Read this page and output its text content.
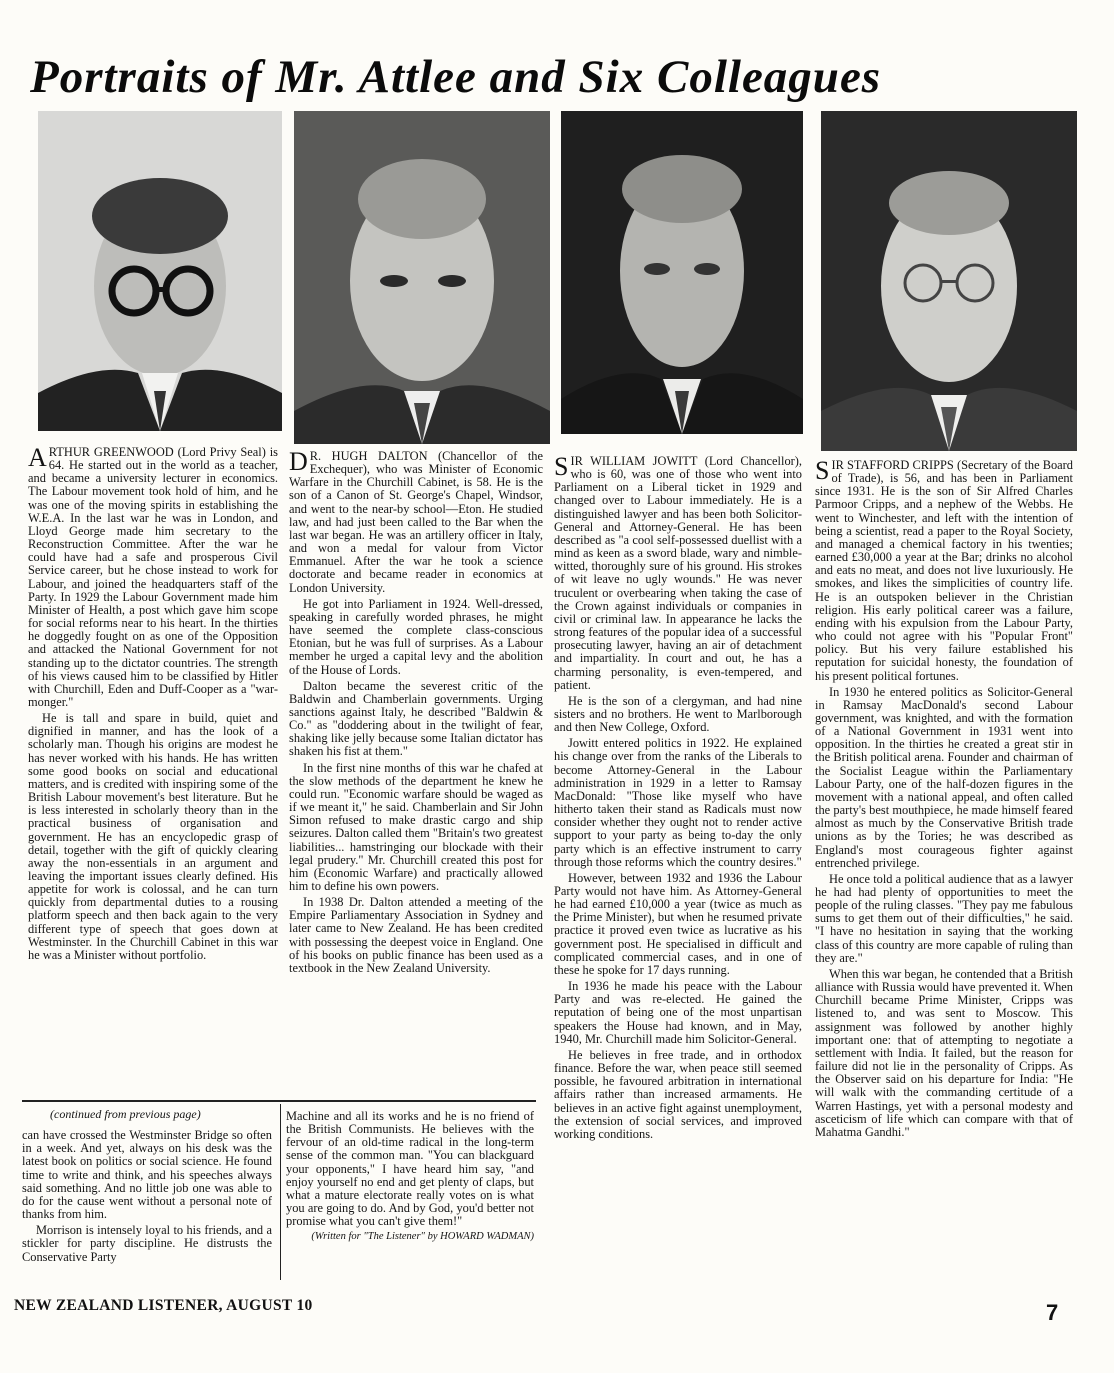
Portraits of Mr. Attlee and Six Colleagues

ARTHUR GREENWOOD (Lord Privy Seal) is 64. He started out in the world as a teacher, and became a university lecturer in economics. The Labour movement took hold of him, and he was one of the moving spirits in establishing the W.E.A. In the last war he was in London, and Lloyd George made him secretary to the Reconstruction Committee. After the war he could have had a safe and prosperous Civil Service career, but he chose instead to work for Labour, and joined the headquarters staff of the Party. In 1929 the Labour Government made him Minister of Health, a post which gave him scope for social reforms near to his heart. In the thirties he doggedly fought on as one of the Opposition and attacked the National Government for not standing up to the dictator countries. The strength of his views caused him to be classified by Hitler with Churchill, Eden and Duff-Cooper as a "war-monger."

He is tall and spare in build, quiet and dignified in manner, and has the look of a scholarly man. Though his origins are modest he has never worked with his hands. He has written some good books on social and educational matters, and is credited with inspiring some of the British Labour movement's best literature. But he is less interested in scholarly theory than in the practical business of organisation and government. He has an encyclopedic grasp of detail, together with the gift of quickly clearing away the non-essentials in an argument and leaving the important issues clearly defined. His appetite for work is colossal, and he can turn quickly from departmental duties to a rousing platform speech and then back again to the very different type of speech that goes down at Westminster. In the Churchill Cabinet in this war he was a Minister without portfolio.

D R. HUGH DALTON (Chancellor of the Exchequer), who was Minister of Economic Warfare in the Churchill Cabinet, is 58. He is the son of a Canon of St. George's Chapel, Windsor, and went to the near-by school—Eton. He studied law, and had just been called to the Bar when the last war began. He was an artillery officer in Italy, and won a medal for valour from Victor Emmanuel. After the war he took a science doctorate and became reader in economics at London University.

He got into Parliament in 1924. Well-dressed, speaking in carefully worded phrases, he might have seemed the complete class-conscious Etonian, but he was full of surprises. As a Labour member he urged a capital levy and the abolition of the House of Lords.

Dalton became the severest critic of the Baldwin and Chamberlain governments. Urging sanctions against Italy, he described "Baldwin & Co." as "doddering about in the twilight of fear, shaking like jelly because some Italian dictator has shaken his fist at them."

In the first nine months of this war he chafed at the slow methods of the department he knew he could run. "Economic warfare should be waged as if we meant it," he said. Chamberlain and Sir John Simon refused to make drastic cargo and ship seizures. Dalton called them "Britain's two greatest liabilities... hamstringing our blockade with their legal prudery." Mr. Churchill created this post for him (Economic Warfare) and practically allowed him to define his own powers.

In 1938 Dr. Dalton attended a meeting of the Empire Parliamentary Association in Sydney and later came to New Zealand. He has been credited with possessing the deepest voice in England. One of his books on public finance has been used as a textbook in the New Zealand University.

SIR WILLIAM JOWITT (Lord Chancellor), who is 60, was one of those who went into Parliament on a Liberal ticket in 1929 and changed over to Labour immediately. He is a distinguished lawyer and has been both Solicitor-General and Attorney-General. He has been described as "a cool self-possessed duellist with a mind as keen as a sword blade, wary and nimble-witted, thoroughly sure of his ground. His strokes of wit leave no ugly wounds." He was never truculent or overbearing when taking the case of the Crown against individuals or companies in civil or criminal law. In appearance he lacks the strong features of the popular idea of a successful prosecuting lawyer, having an air of detachment and impartiality. In court and out, he has a charming personality, is even-tempered, and patient.

He is the son of a clergyman, and had nine sisters and no brothers. He went to Marlborough and then New College, Oxford.

Jowitt entered politics in 1922. He explained his change over from the ranks of the Liberals to become Attorney-General in the Labour administration in 1929 in a letter to Ramsay MacDonald: "Those like myself who have hitherto taken their stand as Radicals must now consider whether they ought not to render active support to your party as being to-day the only party which is an effective instrument to carry through those reforms which the country desires."

However, between 1932 and 1936 the Labour Party would not have him. As Attorney-General he had earned £10,000 a year (twice as much as the Prime Minister), but when he resumed private practice it proved even twice as lucrative as his government post. He specialised in difficult and complicated commercial cases, and in one of these he spoke for 17 days running.

In 1936 he made his peace with the Labour Party and was re-elected. He gained the reputation of being one of the most unpartisan speakers the House had known, and in May, 1940, Mr. Churchill made him Solicitor-General.

He believes in free trade, and in orthodox finance. Before the war, when peace still seemed possible, he favoured arbitration in international affairs rather than increased armaments. He believes in an active fight against unemployment, the extension of social services, and improved working conditions.

SIR STAFFORD CRIPPS (Secretary of the Board of Trade), is 56, and has been in Parliament since 1931. He is the son of Sir Alfred Charles Parmoor Cripps, and a nephew of the Webbs. He went to Winchester, and left with the intention of being a scientist, read a paper to the Royal Society, and managed a chemical factory in his twenties; earned £30,000 a year at the Bar; drinks no alcohol and eats no meat, and does not live luxuriously. He smokes, and likes the simplicities of country life. He is an outspoken believer in the Christian religion. His early political career was a failure, ending with his expulsion from the Labour Party, who could not agree with his "Popular Front" policy. But his very failure established his reputation for suicidal honesty, the foundation of his present political fortunes.

In 1930 he entered politics as Solicitor-General in Ramsay MacDonald's second Labour government, was knighted, and with the formation of a National Government in 1931 went into opposition. In the thirties he created a great stir in the British political arena. Founder and chairman of the Socialist League within the Parliamentary Labour Party, one of the half-dozen figures in the movement with a national appeal, and often called the party's best mouthpiece, he made himself feared almost as much by the Conservative British trade unions as by the Tories; he was described as England's most courageous fighter against entrenched privilege.

He once told a political audience that as a lawyer he had had plenty of opportunities to meet the people of the ruling classes. "They pay me fabulous sums to get them out of their difficulties," he said. "I have no hesitation in saying that the working class of this country are more capable of ruling than they are."

When this war began, he contended that a British alliance with Russia would have prevented it. When Churchill became Prime Minister, Cripps was listened to, and was sent to Moscow. This assignment was followed by another highly important one: that of attempting to negotiate a settlement with India. It failed, but the reason for failure did not lie in the personality of Cripps. As the Observer said on his departure for India: "He will walk with the commanding certitude of a Warren Hastings, yet with a personal modesty and asceticism of life which can compare with that of Mahatma Gandhi."

(continued from previous page)

can have crossed the Westminster Bridge so often in a week. And yet, always on his desk was the latest book on politics or social science. He found time to write and think, and his speeches always said something. And no little job one was able to do for the cause went without a personal note of thanks from him.

Morrison is intensely loyal to his friends, and a stickler for party discipline. He distrusts the Conservative Party

Machine and all its works and he is no friend of the British Communists. He believes with the fervour of an old-time radical in the long-term sense of the common man. "You can blackguard your opponents," I have heard him say, "and enjoy yourself no end and get plenty of claps, but what a mature electorate really votes on is what you are going to do. And by God, you'd better not promise what you can't give them!"

(Written for "The Listener" by HOWARD WADMAN)

NEW ZEALAND LISTENER, AUGUST 10	7
